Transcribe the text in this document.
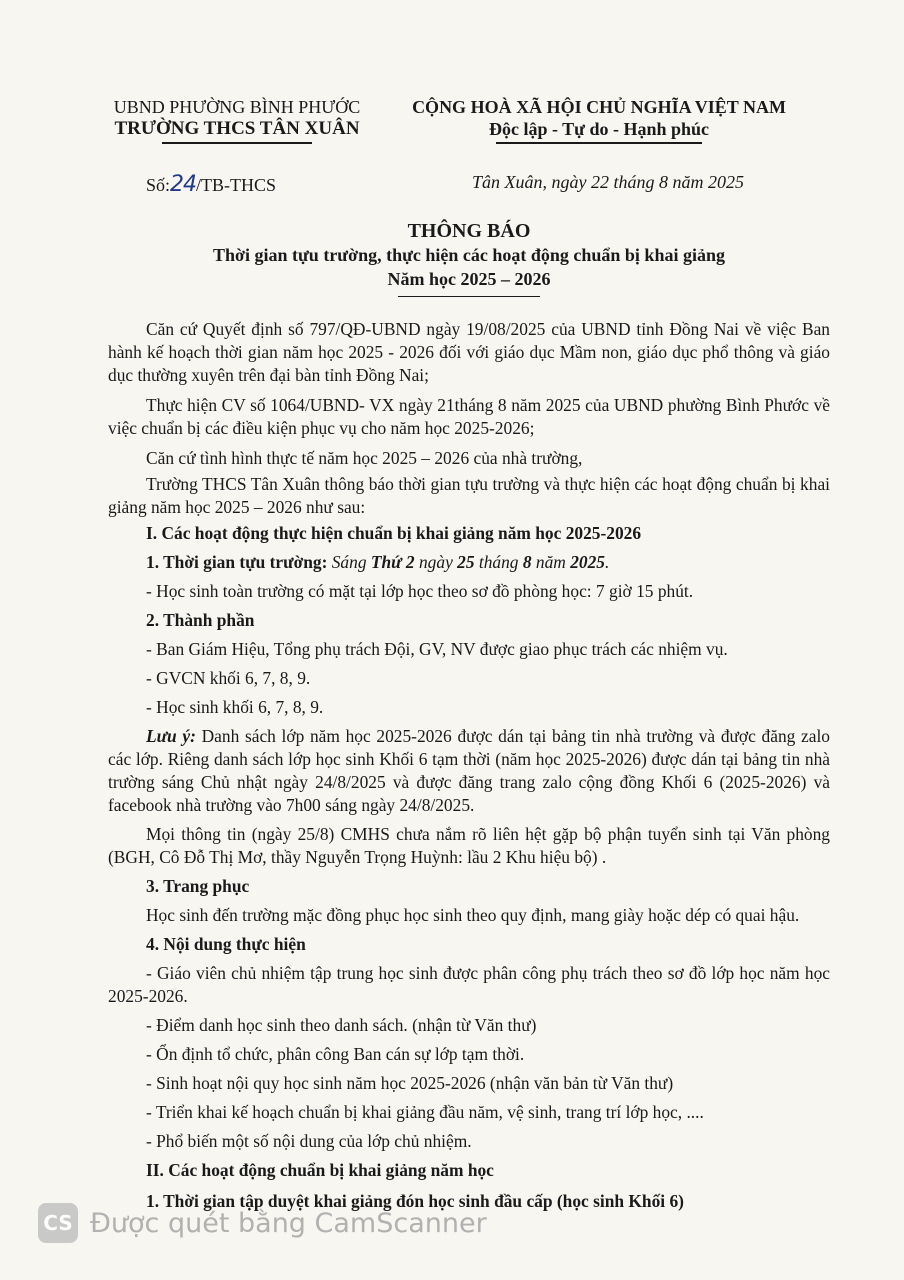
UBND PHƯỜNG BÌNH PHƯỚC
TRƯỜNG THCS TÂN XUÂN
CỘNG HOÀ XÃ HỘI CHỦ NGHĨA VIỆT NAM
Độc lập - Tự do - Hạnh phúc
Số:24/TB-THCS	Tân Xuân, ngày 22 tháng 8 năm 2025
THÔNG BÁO
Thời gian tựu trường, thực hiện các hoạt động chuẩn bị khai giảng
Năm học 2025 – 2026

Căn cứ Quyết định số 797/QĐ-UBND ngày 19/08/2025 của UBND tỉnh Đồng Nai về việc Ban hành kế hoạch thời gian năm học 2025 - 2026 đối với giáo dục Mầm non, giáo dục phổ thông và giáo dục thường xuyên trên đại bàn tỉnh Đồng Nai;

Thực hiện CV số 1064/UBND- VX ngày 21tháng 8 năm 2025 của UBND phường Bình Phước về việc chuẩn bị các điều kiện phục vụ cho năm học 2025-2026;

Căn cứ tình hình thực tế năm học 2025 – 2026 của nhà trường,

Trường THCS Tân Xuân thông báo thời gian tựu trường và thực hiện các hoạt động chuẩn bị khai giảng năm học 2025 – 2026 như sau:

I. Các hoạt động thực hiện chuẩn bị khai giảng năm học 2025-2026

1. Thời gian tựu trường: Sáng Thứ 2 ngày 25 tháng 8 năm 2025.

- Học sinh toàn trường có mặt tại lớp học theo sơ đồ phòng học: 7 giờ 15 phút.

2. Thành phần

- Ban Giám Hiệu, Tổng phụ trách Đội, GV, NV được giao phục trách các nhiệm vụ.

- GVCN khối 6, 7, 8, 9.

- Học sinh khối 6, 7, 8, 9.

Lưu ý: Danh sách lớp năm học 2025-2026 được dán tại bảng tin nhà trường và được đăng zalo các lớp. Riêng danh sách lớp học sinh Khối 6 tạm thời (năm học 2025-2026) được dán tại bảng tin nhà trường sáng Chủ nhật ngày 24/8/2025 và được đăng trang zalo cộng đồng Khối 6 (2025-2026) và facebook nhà trường vào 7h00 sáng ngày 24/8/2025.

Mọi thông tin (ngày 25/8) CMHS chưa nắm rõ liên hệt gặp bộ phận tuyển sinh tại Văn phòng (BGH, Cô Đỗ Thị Mơ, thầy Nguyễn Trọng Huỳnh: lầu 2 Khu hiệu bộ) .

3. Trang phục

Học sinh đến trường mặc đồng phục học sinh theo quy định, mang giày hoặc dép có quai hậu.

4. Nội dung thực hiện

- Giáo viên chủ nhiệm tập trung học sinh được phân công phụ trách theo sơ đồ lớp học năm học 2025-2026.

- Điểm danh học sinh theo danh sách. (nhận từ Văn thư)

- Ổn định tổ chức, phân công Ban cán sự lớp tạm thời.

- Sinh hoạt nội quy học sinh năm học 2025-2026 (nhận văn bản từ Văn thư)

- Triển khai kế hoạch chuẩn bị khai giảng đầu năm, vệ sinh, trang trí lớp học, ....

- Phổ biến một số nội dung của lớp chủ nhiệm.

II. Các hoạt động chuẩn bị khai giảng năm học

1. Thời gian tập duyệt khai giảng đón học sinh đầu cấp (học sinh Khối 6)

CS Được quét bằng CamScanner
